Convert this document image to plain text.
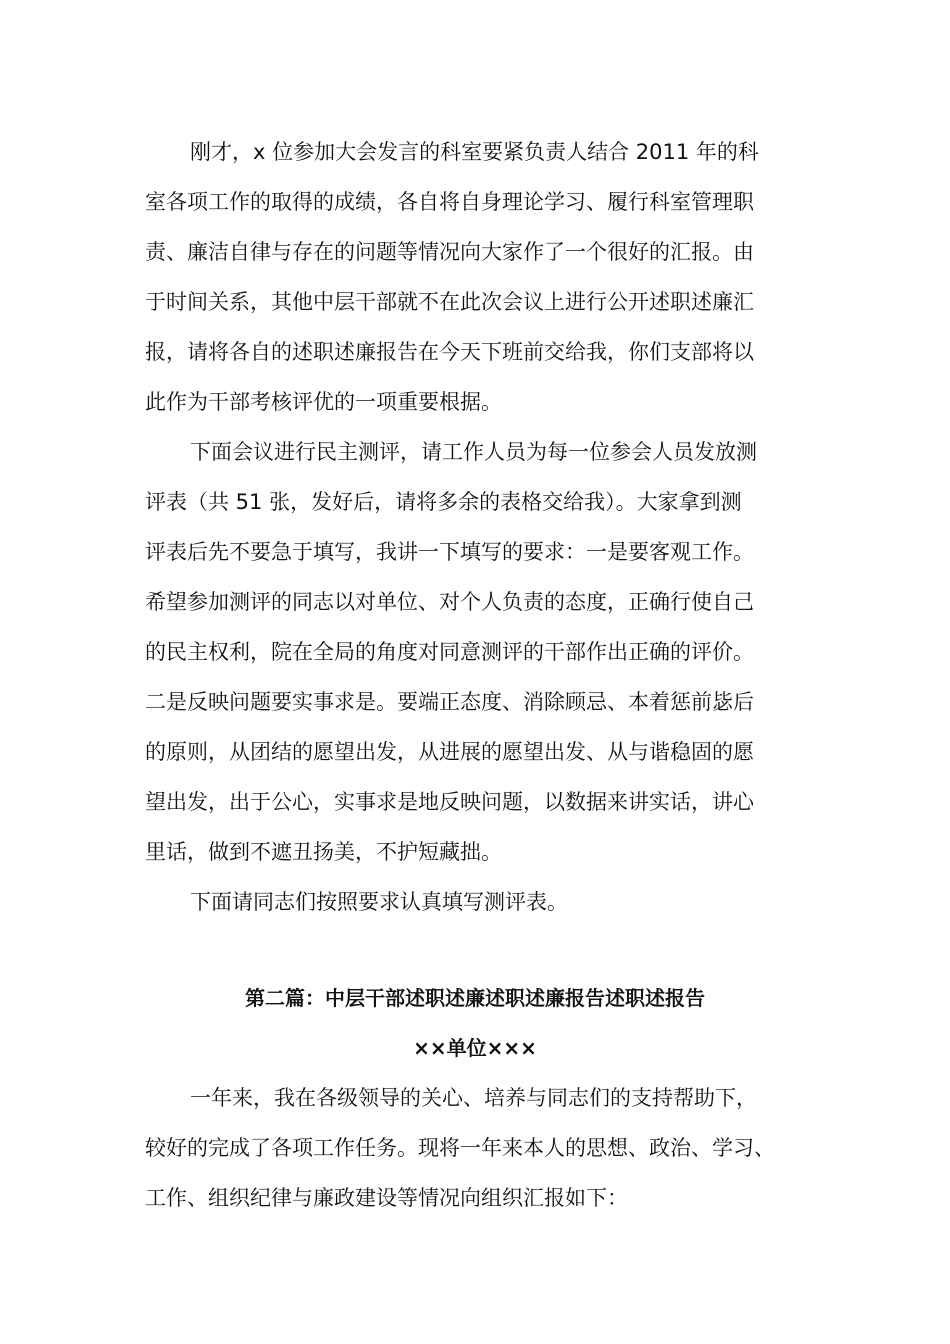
刚才，x 位参加大会发言的科室要紧负责人结合 2011 年的科

室各项工作的取得的成绩，各自将自身理论学习、履行科室管理职

责、廉洁自律与存在的问题等情况向大家作了一个很好的汇报。由

于时间关系，其他中层干部就不在此次会议上进行公开述职述廉汇

报，请将各自的述职述廉报告在今天下班前交给我，你们支部将以

此作为干部考核评优的一项重要根据。

下面会议进行民主测评，请工作人员为每一位参会人员发放测

评表（共 51 张，发好后，请将多余的表格交给我）。大家拿到测

评表后先不要急于填写，我讲一下填写的要求：一是要客观工作。

希望参加测评的同志以对单位、对个人负责的态度，正确行使自己

的民主权利，院在全局的角度对同意测评的干部作出正确的评价。

二是反映问题要实事求是。要端正态度、消除顾忌、本着惩前毖后

的原则，从团结的愿望出发，从进展的愿望出发、从与谐稳固的愿

望出发，出于公心，实事求是地反映问题，以数据来讲实话，讲心

里话，做到不遮丑扬美，不护短藏拙。

下面请同志们按照要求认真填写测评表。

第二篇：中层干部述职述廉述职述廉报告述职述报告

××单位×××

一年来，我在各级领导的关心、培养与同志们的支持帮助下，

较好的完成了各项工作任务。现将一年来本人的思想、政治、学习、

工作、组织纪律与廉政建设等情况向组织汇报如下：
